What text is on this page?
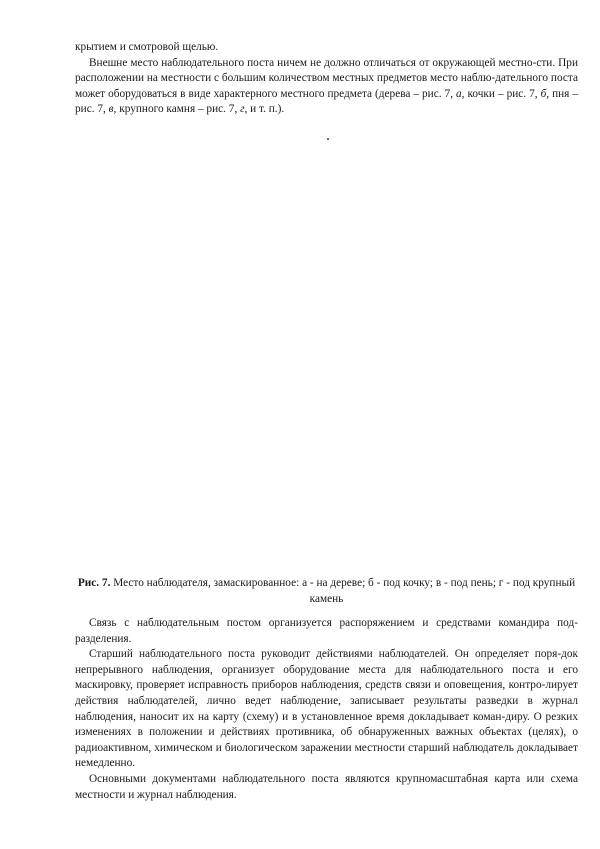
крытием и смотровой щелью.

Внешне место наблюдательного поста ничем не должно отличаться от окружающей местно-сти. При расположении на местности с большим количеством местных предметов место наблю-дательного поста может оборудоваться в виде характерного местного предмета (дерева – рис. 7, а, кочки – рис. 7, б, пня – рис. 7, в, крупного камня – рис. 7, г, и т. п.).

Рис. 7. Место наблюдателя, замаскированное: а - на дереве; б - под кочку; в - под пень; г - под крупный камень

Связь с наблюдательным постом организуется распоряжением и средствами командира под-разделения.

Старший наблюдательного поста руководит действиями наблюдателей. Он определяет поря-док непрерывного наблюдения, организует оборудование места для наблюдательного поста и его маскировку, проверяет исправность приборов наблюдения, средств связи и оповещения, контро-лирует действия наблюдателей, лично ведет наблюдение, записывает результаты разведки в журнал наблюдения, наносит их на карту (схему) и в установленное время докладывает коман-диру. О резких изменениях в положении и действиях противника, об обнаруженных важных объектах (целях), о радиоактивном, химическом и биологическом заражении местности старший наблюдатель докладывает немедленно.

Основными документами наблюдательного поста являются крупномасштабная карта или схема местности и журнал наблюдения.
